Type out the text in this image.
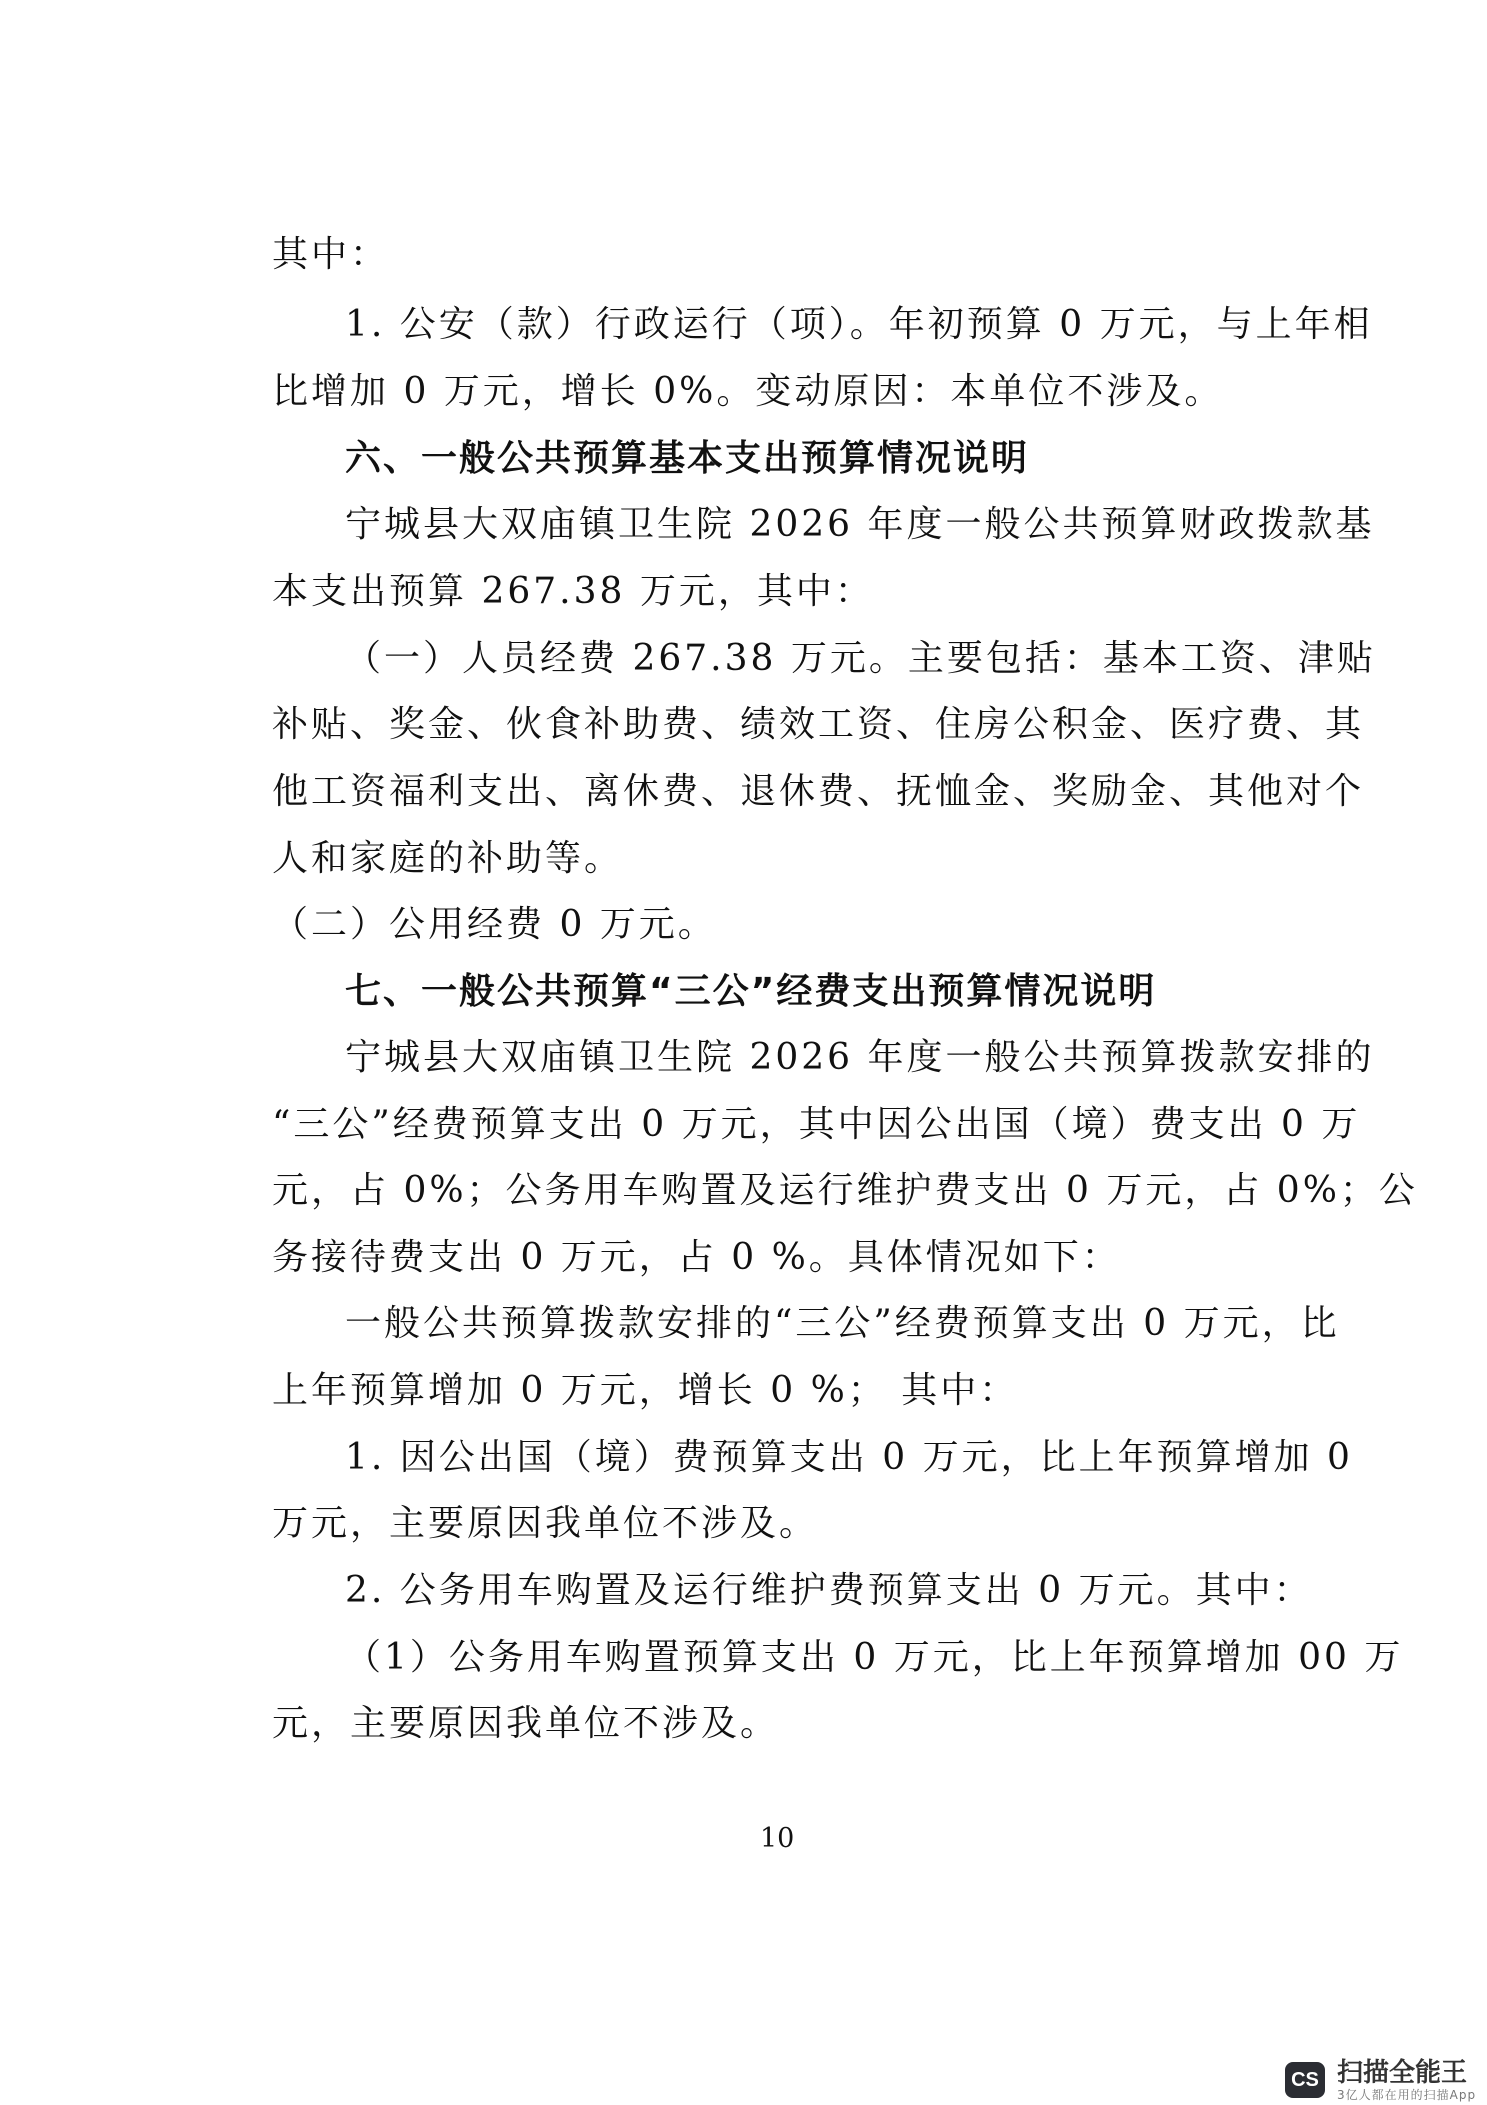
其中：
1. 公安（款）行政运行（项）。年初预算 0 万元，与上年相
比增加 0 万元，增长 0%。变动原因：本单位不涉及。
六、一般公共预算基本支出预算情况说明
宁城县大双庙镇卫生院 2026 年度一般公共预算财政拨款基
本支出预算 267.38 万元，其中：
（一）人员经费 267.38 万元。主要包括：基本工资、津贴
补贴、奖金、伙食补助费、绩效工资、住房公积金、医疗费、其
他工资福利支出、离休费、退休费、抚恤金、奖励金、其他对个
人和家庭的补助等。
（二）公用经费 0 万元。
七、一般公共预算“三公”经费支出预算情况说明
宁城县大双庙镇卫生院 2026 年度一般公共预算拨款安排的
“三公”经费预算支出 0 万元，其中因公出国（境）费支出 0 万
元，占 0%；公务用车购置及运行维护费支出 0 万元，占 0%；公
务接待费支出 0 万元，占 0 %。具体情况如下：
一般公共预算拨款安排的“三公”经费预算支出 0 万元，比
上年预算增加 0 万元，增长 0 %； 其中：
1. 因公出国（境）费预算支出 0 万元，比上年预算增加 0
万元，主要原因我单位不涉及。
2. 公务用车购置及运行维护费预算支出 0 万元。其中：
（1）公务用车购置预算支出 0 万元，比上年预算增加 00 万
元，主要原因我单位不涉及。
10
CS 扫描全能王
3亿人都在用的扫描App
